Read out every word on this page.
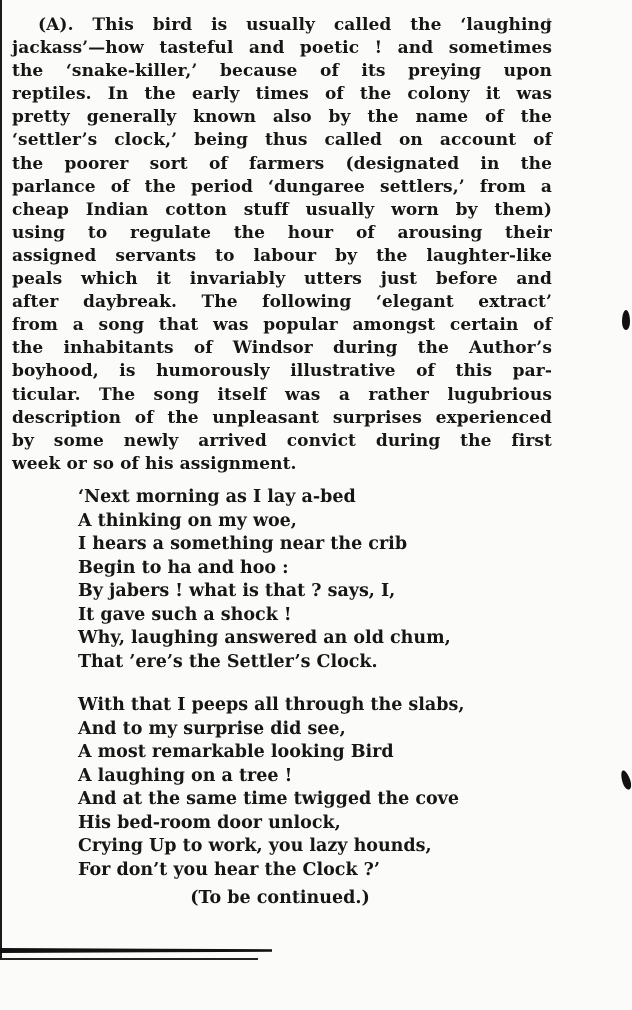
(A). This bird is usually called the ‘laughing
jackass’—how tasteful and poetic ! and sometimes
the ‘snake-killer,’ because of its preying upon
reptiles. In the early times of the colony it was
pretty generally known also by the name of the
‘settler’s clock,’ being thus called on account of
the poorer sort of farmers (designated in the
parlance of the period ‘dungaree settlers,’ from a
cheap Indian cotton stuff usually worn by them)
using to regulate the hour of arousing their
assigned servants to labour by the laughter-like
peals which it invariably utters just before and
after daybreak. The following ‘elegant extract’
from a song that was popular amongst certain of
the inhabitants of Windsor during the Author’s
boyhood, is humorously illustrative of this par-
ticular. The song itself was a rather lugubrious
description of the unpleasant surprises experienced
by some newly arrived convict during the first
week or so of his assignment.
‘Next morning as I lay a-bed
A thinking on my woe,
I hears a something near the crib
Begin to ha and hoo :
By jabers ! what is that ? says, I,
It gave such a shock !
Why, laughing answered an old chum,
That ’ere’s the Settler’s Clock.
With that I peeps all through the slabs,
And to my surprise did see,
A most remarkable looking Bird
A laughing on a tree !
And at the same time twigged the cove
His bed-room door unlock,
Crying Up to work, you lazy hounds,
For don’t you hear the Clock ?’
(To be continued.)
